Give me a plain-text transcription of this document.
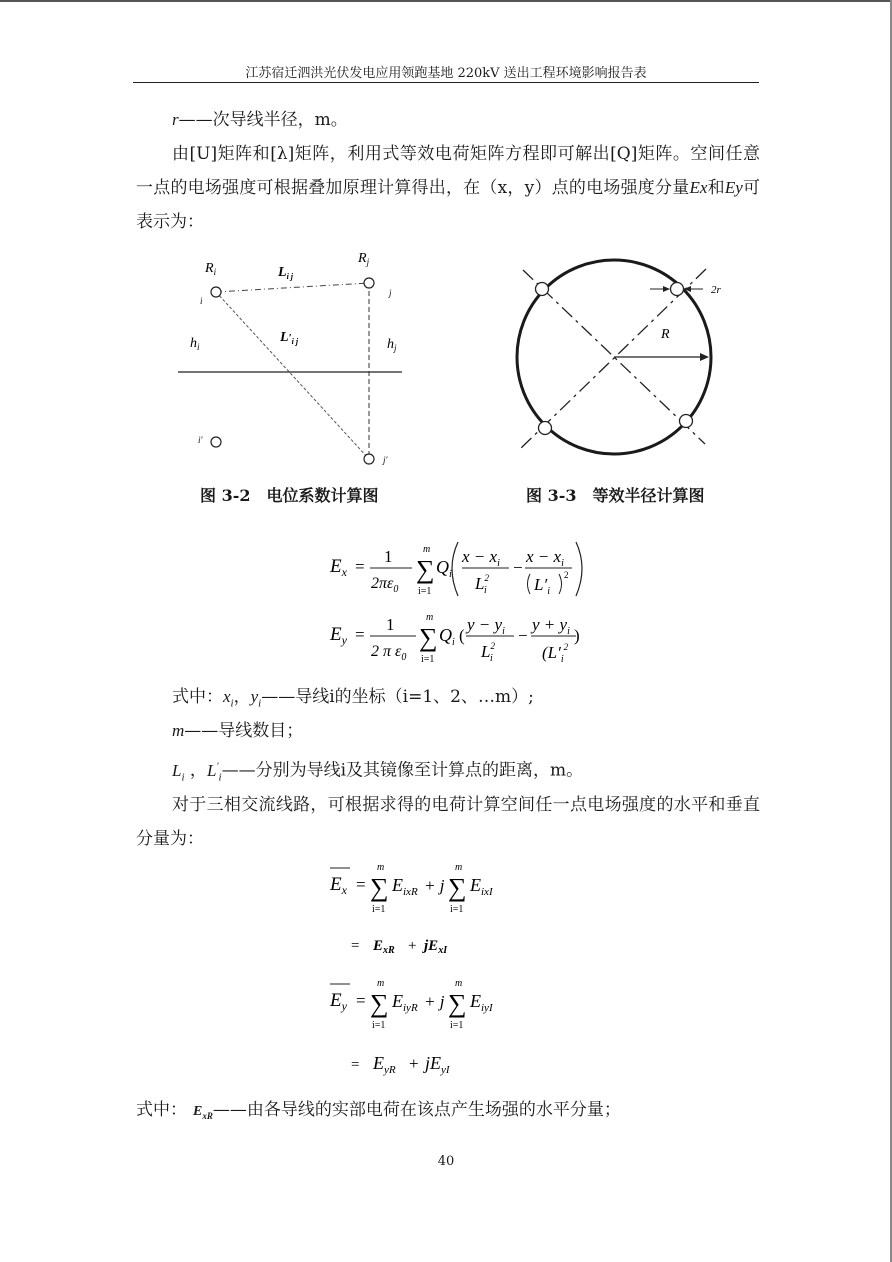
江苏宿迁泗洪光伏发电应用领跑基地 220kV 送出工程环境影响报告表

r——次导线半径，m。

由[U]矩阵和[λ]矩阵，利用式等效电荷矩阵方程即可解出[Q]矩阵。空间任意一点的电场强度可根据叠加原理计算得出，在（x，y）点的电场强度分量Ex和Ey可表示为：

$R_i$
$R_j$
$L_{i j}$
$L'_{i j}$
$h_i$	$h_j$
i
j
i′
j′
图 3-2　电位系数计算图
2r
R
图 3-3　等效半径计算图
$E_x$ =
1
$2\pi\varepsilon_0$
∑
m
i=1
$Q_i$
$x - x_i$
$L^2$ i
−
$x - x_i$
$L'_i$
2
$E_y$ =
1
2 π $\varepsilon_0$
∑
m
i=1
$Q_i$ (
$y - y_i$
$L^2$ i
−
$y + y_i$ )
($L'_i^2$

式中：$x_i$，$y_i——$导线i的坐标（i=1、2、…m）;

m——导线数目；

$L_i$ ，$L'_i——$分别为导线i及其镜像至计算点的距离，m。

对于三相交流线路，可根据求得的电荷计算空间任一点电场强度的水平和垂直分量为：

$E_x$ = ∑
m
i=1
$E_{ixR} + j$ ∑
m
i=1
$E_{ixI}$
= $E_{xR} + jE_{xI}$
$E_y$ = ∑
m
i=1
$E_{iyR} + j$ ∑
m
i=1
$E_{iyI}$
= $E_{yR} + jE_{yI}$

式中： $E_{xR}——$由各导线的实部电荷在该点产生场强的水平分量；

40
